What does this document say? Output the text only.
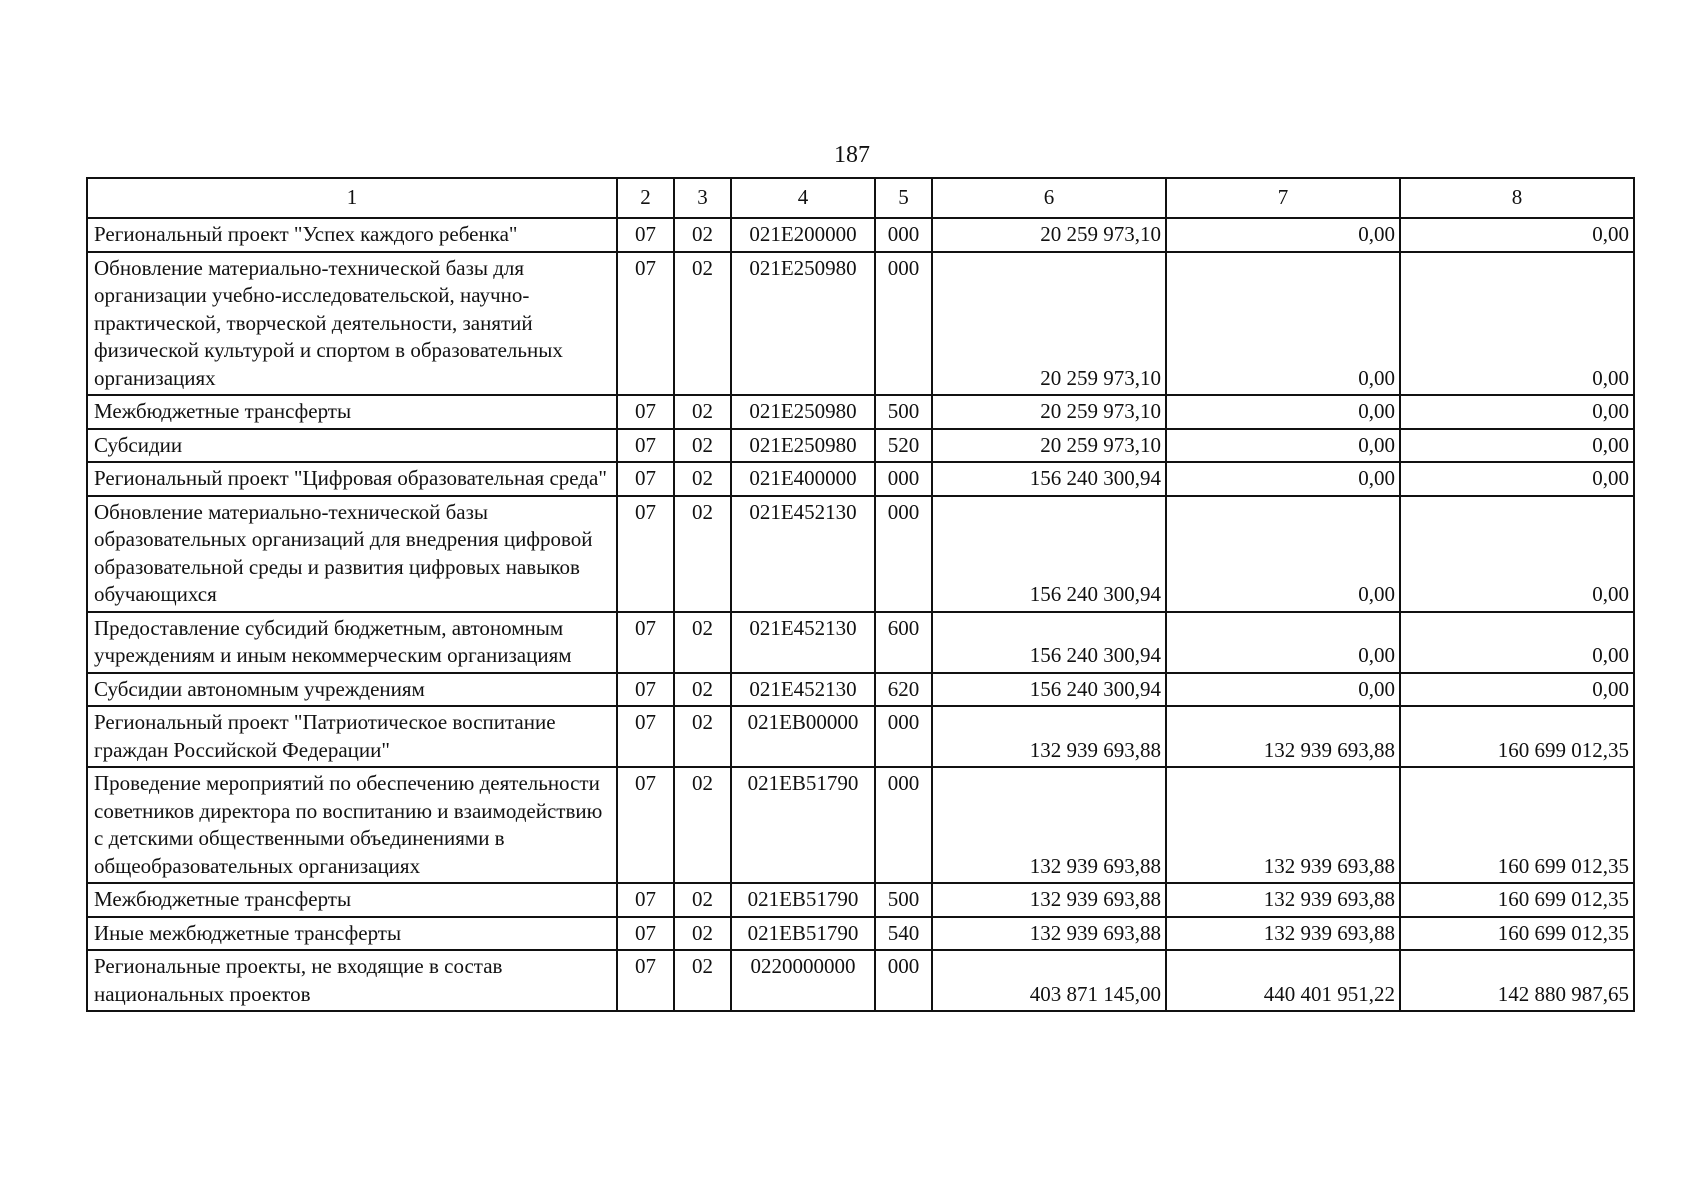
187
1	2	3	4	5	6	7	8
Региональный проект "Успех каждого ребенка"	07	02	021E200000	000	20 259 973,10	0,00	0,00
Обновление материально-технической базы для организации учебно-исследовательской, научно-практической, творческой деятельности, занятий физической культурой и спортом в образовательных организациях	07	02	021E250980	000	20 259 973,10	0,00	0,00
Межбюджетные трансферты	07	02	021E250980	500	20 259 973,10	0,00	0,00
Субсидии	07	02	021E250980	520	20 259 973,10	0,00	0,00
Региональный проект "Цифровая образовательная среда"	07	02	021E400000	000	156 240 300,94	0,00	0,00
Обновление материально-технической базы образовательных организаций для внедрения цифровой образовательной среды и развития цифровых навыков обучающихся	07	02	021E452130	000	156 240 300,94	0,00	0,00
Предоставление субсидий бюджетным, автономным учреждениям и иным некоммерческим организациям	07	02	021E452130	600	156 240 300,94	0,00	0,00
Субсидии автономным учреждениям	07	02	021E452130	620	156 240 300,94	0,00	0,00
Региональный проект "Патриотическое воспитание граждан Российской Федерации"	07	02	021EB00000	000	132 939 693,88	132 939 693,88	160 699 012,35
Проведение мероприятий по обеспечению деятельности советников директора по воспитанию и взаимодействию с детскими общественными объединениями в общеобразовательных организациях	07	02	021EB51790	000	132 939 693,88	132 939 693,88	160 699 012,35
Межбюджетные трансферты	07	02	021EB51790	500	132 939 693,88	132 939 693,88	160 699 012,35
Иные межбюджетные трансферты	07	02	021EB51790	540	132 939 693,88	132 939 693,88	160 699 012,35
Региональные проекты, не входящие в состав национальных проектов	07	02	0220000000	000	403 871 145,00	440 401 951,22	142 880 987,65
